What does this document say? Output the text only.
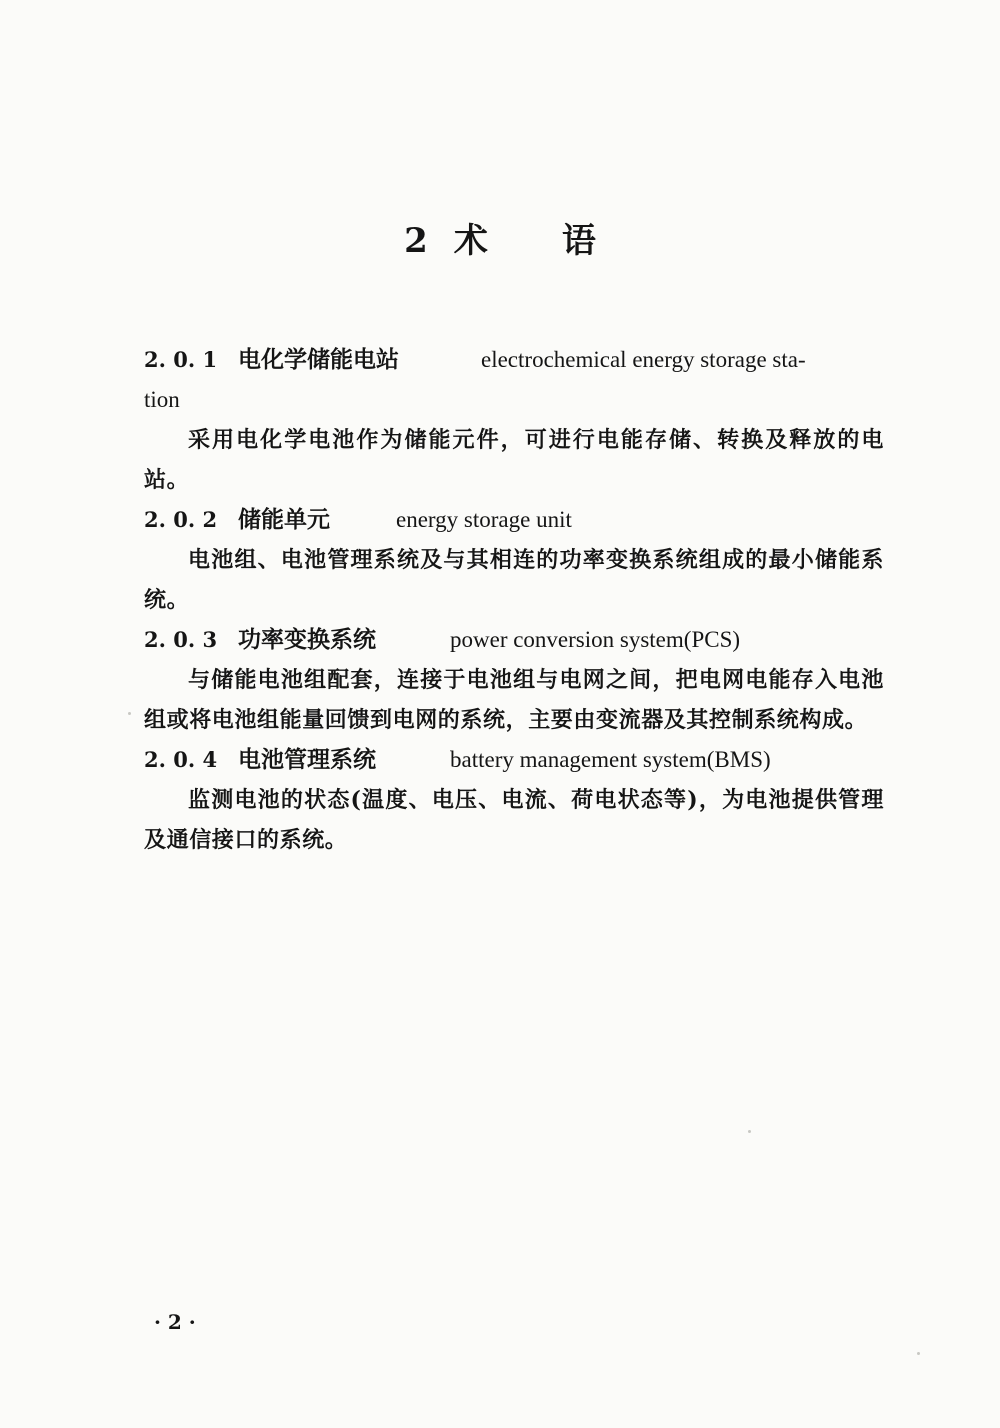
2 术 语
2. 0. 1 电化学储能电站	electrochemical energy storage sta-
tion

采用电化学电池作为储能元件，可进行电能存储、转换及释放的电站。

2. 0. 2 储能单元	energy storage unit

电池组、电池管理系统及与其相连的功率变换系统组成的最小储能系统。

2. 0. 3 功率变换系统	power conversion system(PCS)

与储能电池组配套，连接于电池组与电网之间，把电网电能存入电池组或将电池组能量回馈到电网的系统，主要由变流器及其控制系统构成。

2. 0. 4 电池管理系统	battery management system(BMS)

监测电池的状态(温度、电压、电流、荷电状态等)，为电池提供管理及通信接口的系统。

· 2 ·
